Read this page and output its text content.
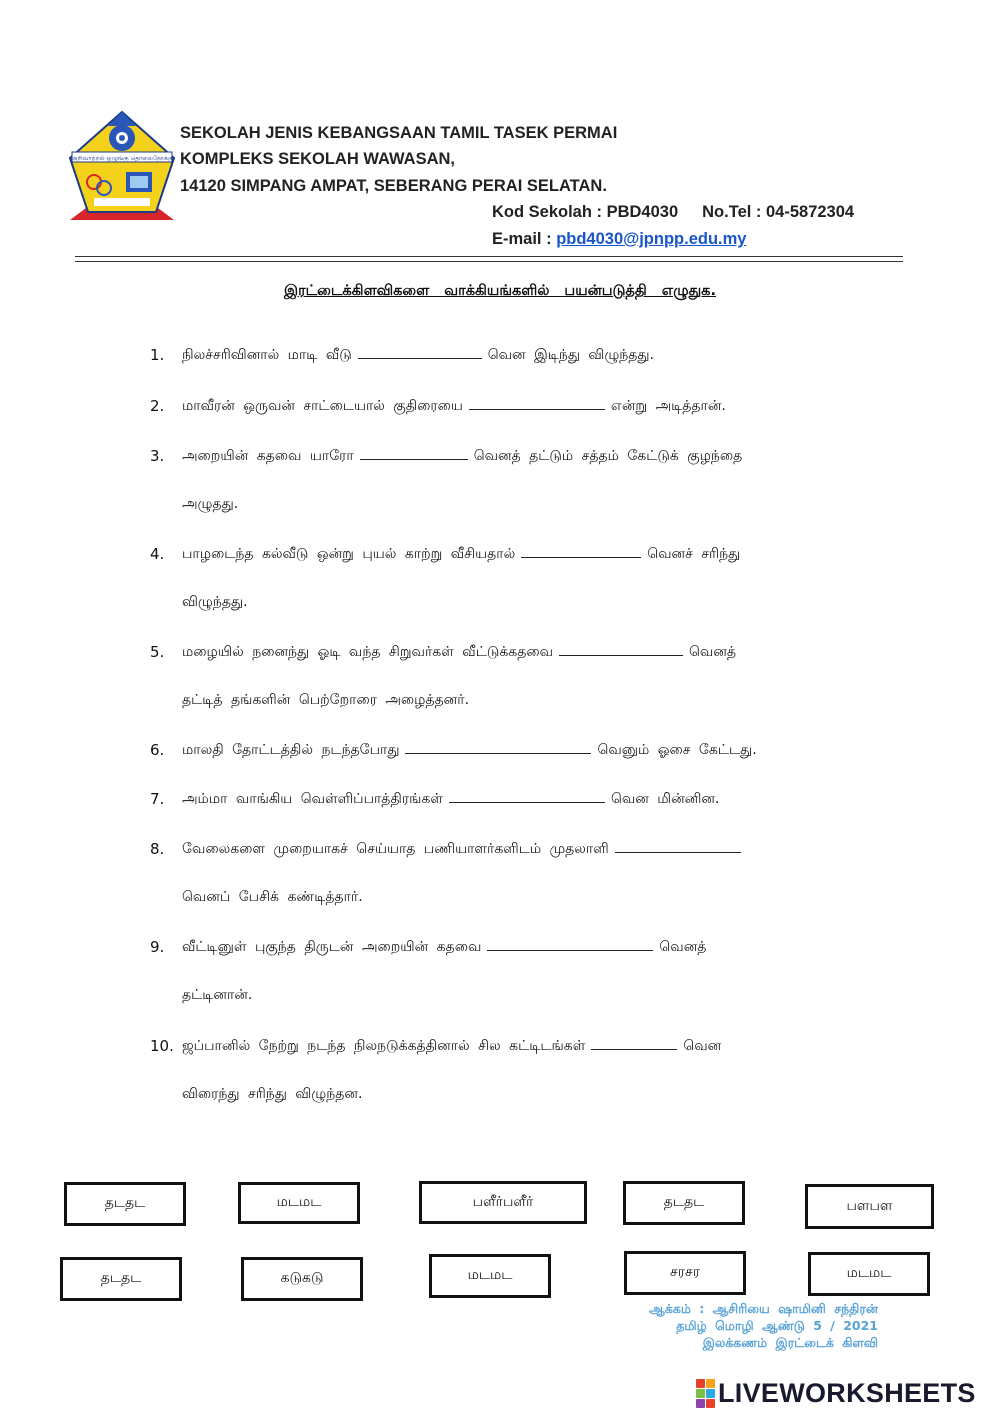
அறிவாற்றல் ஒழுங்கு தொலைநோக்கு
SEKOLAH JENIS KEBANGSAAN TAMIL TASEK PERMAI
KOMPLEKS SEKOLAH WAWASAN,
14120 SIMPANG AMPAT, SEBERANG PERAI SELATAN.
Kod Sekolah : PBD4030 No.Tel : 04-5872304
E-mail : pbd4030@jpnpp.edu.my
இரட்டைக்கிளவிகளை வாக்கியங்களில் பயன்படுத்தி எழுதுக.
1. நிலச்சரிவினால் மாடி வீடு	வென இடிந்து விழுந்தது.
2. மாவீரன் ஒருவன் சாட்டையால் குதிரையை	என்று அடித்தான்.
3. அறையின் கதவை யாரோ	வெனத் தட்டும் சத்தம் கேட்டுக் குழந்தை
அழுதது.
4. பாழடைந்த கல்வீடு ஒன்று புயல் காற்று வீசியதால்	வெனச் சரிந்து
விழுந்தது.
5. மழையில் நனைந்து ஓடி வந்த சிறுவர்கள் வீட்டுக்கதவை	வெனத்
தட்டித் தங்களின் பெற்றோரை அழைத்தனர்.
6. மாலதி தோட்டத்தில் நடந்தபோது	வெனும் ஓசை கேட்டது.
7. அம்மா வாங்கிய வெள்ளிப்பாத்திரங்கள்	வென மின்னின.
8. வேலைகளை முறையாகச் செய்யாத பணியாளர்களிடம் முதலாளி
வெனப் பேசிக் கண்டித்தார்.
9. வீட்டினுள் புகுந்த திருடன் அறையின் கதவை	வெனத்
தட்டினான்.
10. ஜப்பானில் நேற்று நடந்த நிலநடுக்கத்தினால் சில கட்டிடங்கள்	வென
விரைந்து சரிந்து விழுந்தன.
தடதட	மடமட	பளீர்பளீர்	தடதட	பளபள
தடதட	கடுகடு	மடமட	சரசர	மடமட
ஆக்கம் : ஆசிரியை ஷாமினி சந்திரன்
தமிழ் மொழி ஆண்டு 5 / 2021
இலக்கணம் இரட்டைக் கிளவி
LIVEWORKSHEETS
